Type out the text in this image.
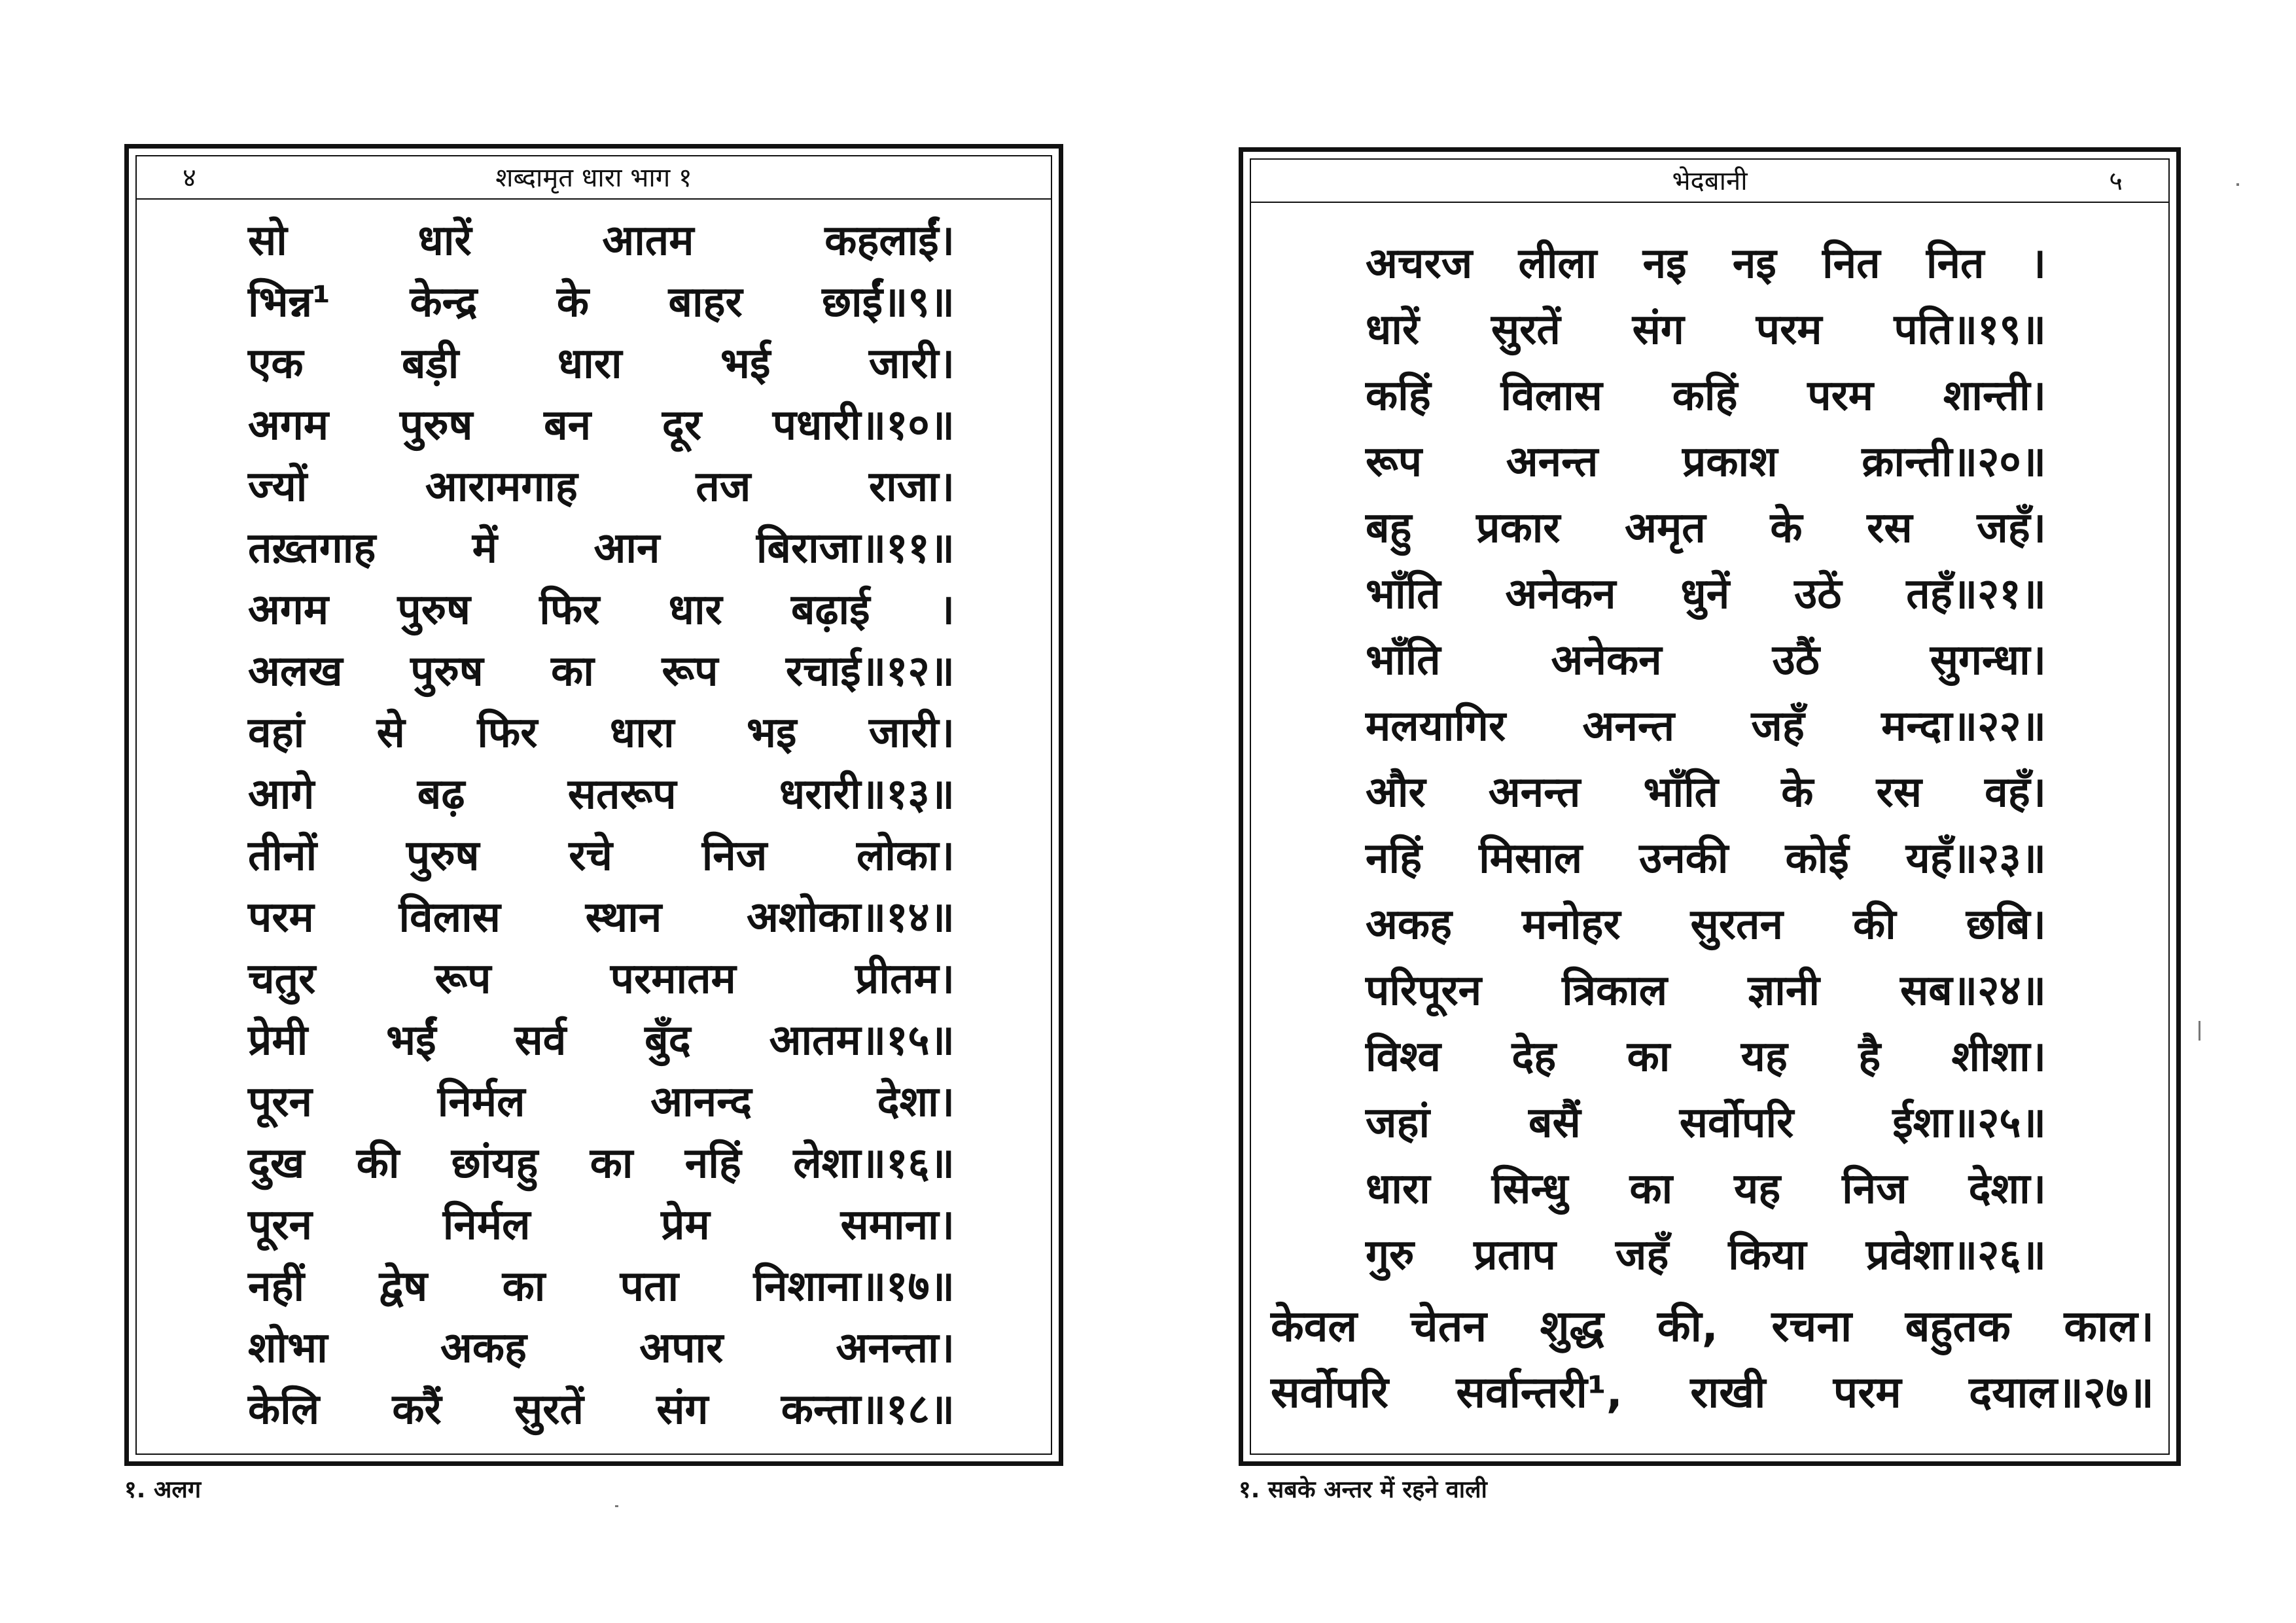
४	शब्दामृत धारा भाग १
सो	धारें	आतम	कहलाईं।
भिन्न¹ केन्द्र के बाहर छाईं॥९॥
एक बड़ी धारा भई जारी।
अगम पुरुष बन दूर पधारी॥१०॥
ज्यों	आरामगाह	तज	राजा।
तख़्तगाह में आन बिराजा॥११॥
अगम पुरुष फिर धार बढ़ाई ।
अलख पुरुष का रूप रचाई॥१२॥
वहां से फिर धारा भइ जारी।
आगे बढ़ सतरूप धरारी॥१३॥
तीनों पुरुष रचे निज लोका।
परम विलास स्थान अशोका॥१४॥
चतुर	रूप	परमातम	प्रीतम।
प्रेमी भईं सर्व बुँद आतम॥१५॥
पूरन	निर्मल	आनन्द	देशा।
दुख की छांयहु का नहिं लेशा॥१६॥
पूरन	निर्मल	प्रेम	समाना।
नहीं द्वेष का पता निशाना॥१७॥
शोभा	अकह	अपार	अनन्ता।
केलि करैं सुरतें संग कन्ता॥१८॥
१. अलग
भेदबानी	५
अचरज लीला नइ नइ नित नित ।
धारें सुरतें संग परम पति॥१९॥
कहिं विलास कहिं परम शान्ती।
रूप अनन्त प्रकाश क्रान्ती॥२०॥
बहु प्रकार अमृत के रस जहँ।
भाँति अनेकन धुनें उठें तहँ॥२१॥
भाँति	अनेकन	उठैं	सुगन्धा।
मलयागिर अनन्त जहँ मन्दा॥२२॥
और अनन्त भाँति के रस वहँ।
नहिं मिसाल उनकी कोई यहँ॥२३॥
अकह मनोहर सुरतन की छबि।
परिपूरन त्रिकाल ज्ञानी सब॥२४॥
विश्व देह का यह है शीशा।
जहां बसैं सर्वोपरि ईशा॥२५॥
धारा सिन्धु का यह निज देशा।
गुरु प्रताप जहँ किया प्रवेशा॥२६॥
केवल चेतन शुद्ध की, रचना बहुतक काल।
सर्वोपरि सर्वान्तरी¹, राखी परम दयाल॥२७॥
१. सबके अन्तर में रहने वाली
